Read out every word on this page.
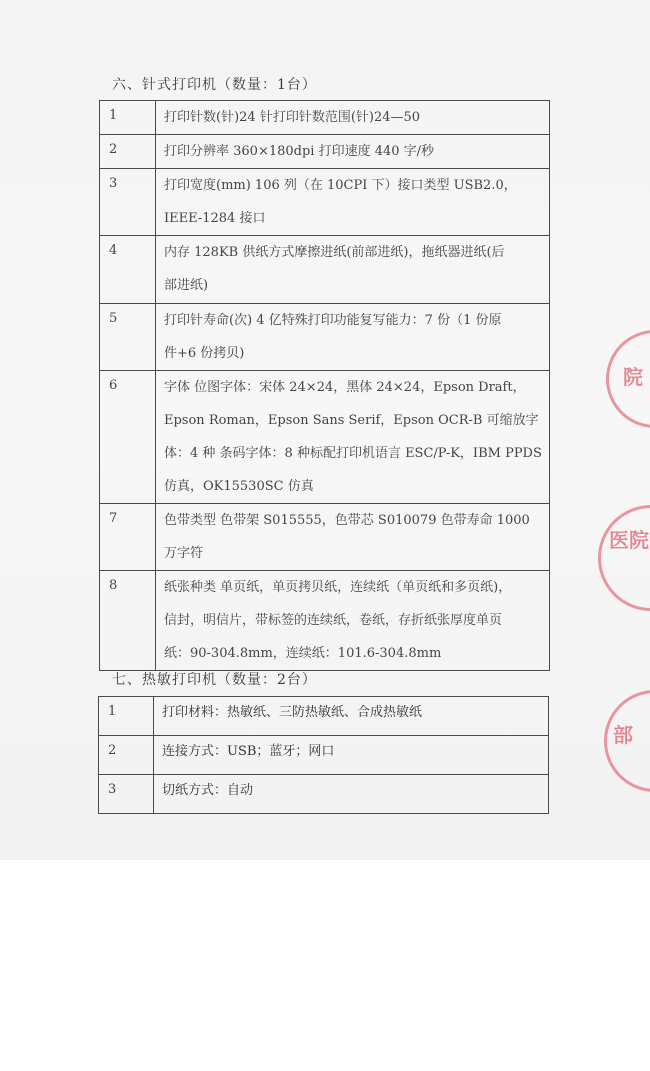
六、针式打印机（数量：1台）
1	打印针数(针)24 针打印针数范围(针)24—50
2	打印分辨率 360×180dpi 打印速度 440 字/秒
3	打印宽度(mm) 106 列（在 10CPI 下）接口类型 USB2.0，
IEEE-1284 接口
4	内存 128KB 供纸方式摩擦进纸(前部进纸)，拖纸器进纸(后
部进纸)
5	打印针寿命(次) 4 亿特殊打印功能复写能力：7 份（1 份原
件+6 份拷贝)
6	字体 位图字体：宋体 24×24，黑体 24×24，Epson Draft，
Epson Roman，Epson Sans Serif，Epson OCR-B 可缩放字
体：4 种 条码字体：8 种标配打印机语言 ESC/P-K，IBM PPDS
仿真，OK15530SC 仿真
7	色带类型 色带架 S015555，色带芯 S010079 色带寿命 1000
万字符
8	纸张种类 单页纸，单页拷贝纸，连续纸（单页纸和多页纸)，
信封，明信片，带标签的连续纸，卷纸，存折纸张厚度单页
纸：90-304.8mm，连续纸：101.6-304.8mm
七、热敏打印机（数量：2台）
1	打印材料：热敏纸、三防热敏纸、合成热敏纸
2	连接方式：USB；蓝牙；网口
3	切纸方式：自动
院
医院
部
